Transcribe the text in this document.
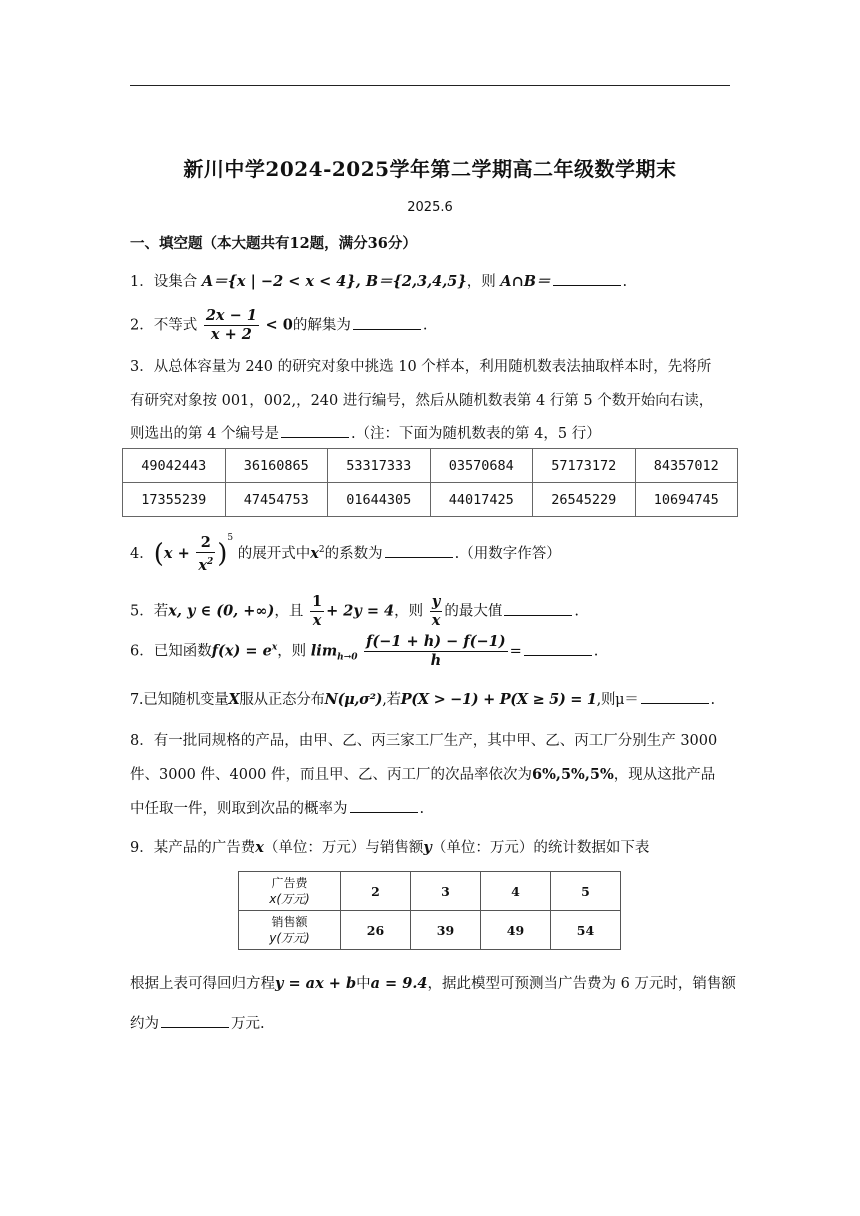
新川中学2024-2025学年第二学期高二年级数学期末
2025.6
一、填空题（本大题共有12题，满分36分）
1．设集合 A＝{x | −2 < x < 4}, B＝{2,3,4,5}，则 A∩B＝	.
2．不等式 $\frac{2x - 1}{x + 2} < 0$的解集为	.
3．从总体容量为 240 的研究对象中挑选 10 个样本，利用随机数表法抽取样本时，先将所
有研究对象按 001，002,，240 进行编号，然后从随机数表第 4 行第 5 个数开始向右读，
则选出的第 4 个编号是	.（注：下面为随机数表的第 4，5 行）
49042443	36160865	53317333	03570684	57173172	84357012
17355239	47454753	01644305	44017425	26545229	10694745
4．$(x + \frac{2}{x^2} )^5$ 的展开式中$x^2$的系数为	.（用数字作答）
5．若x, y ∈ (0, +∞)，且 $\frac{1}{x} + 2y = 4$，则 $\frac{y}{x}$ 的最大值	.
6．已知函数$f(x) = e^x$，则 $\lim_{h\to 0} \frac{f(-1 + h) - f(-1)}{h}$ =	.
7.已知随机变量X服从正态分布N(μ,σ²),若P(X > −1) + P(X ≥ 5) = 1,则μ＝	.
8．有一批同规格的产品，由甲、乙、丙三家工厂生产，其中甲、乙、丙工厂分别生产 3000
件、3000 件、4000 件，而且甲、乙、丙工厂的次品率依次为6%,5%,5%，现从这批产品
中任取一件，则取到次品的概率为	.
9．某产品的广告费x（单位：万元）与销售额y（单位：万元）的统计数据如下表
广告费
x(万元)	2	3	4	5
销售额
y(万元)	26	39	49	54
根据上表可得回归方程y = ax + b中a = 9.4，据此模型可预测当广告费为 6 万元时，销售额
约为	万元.
